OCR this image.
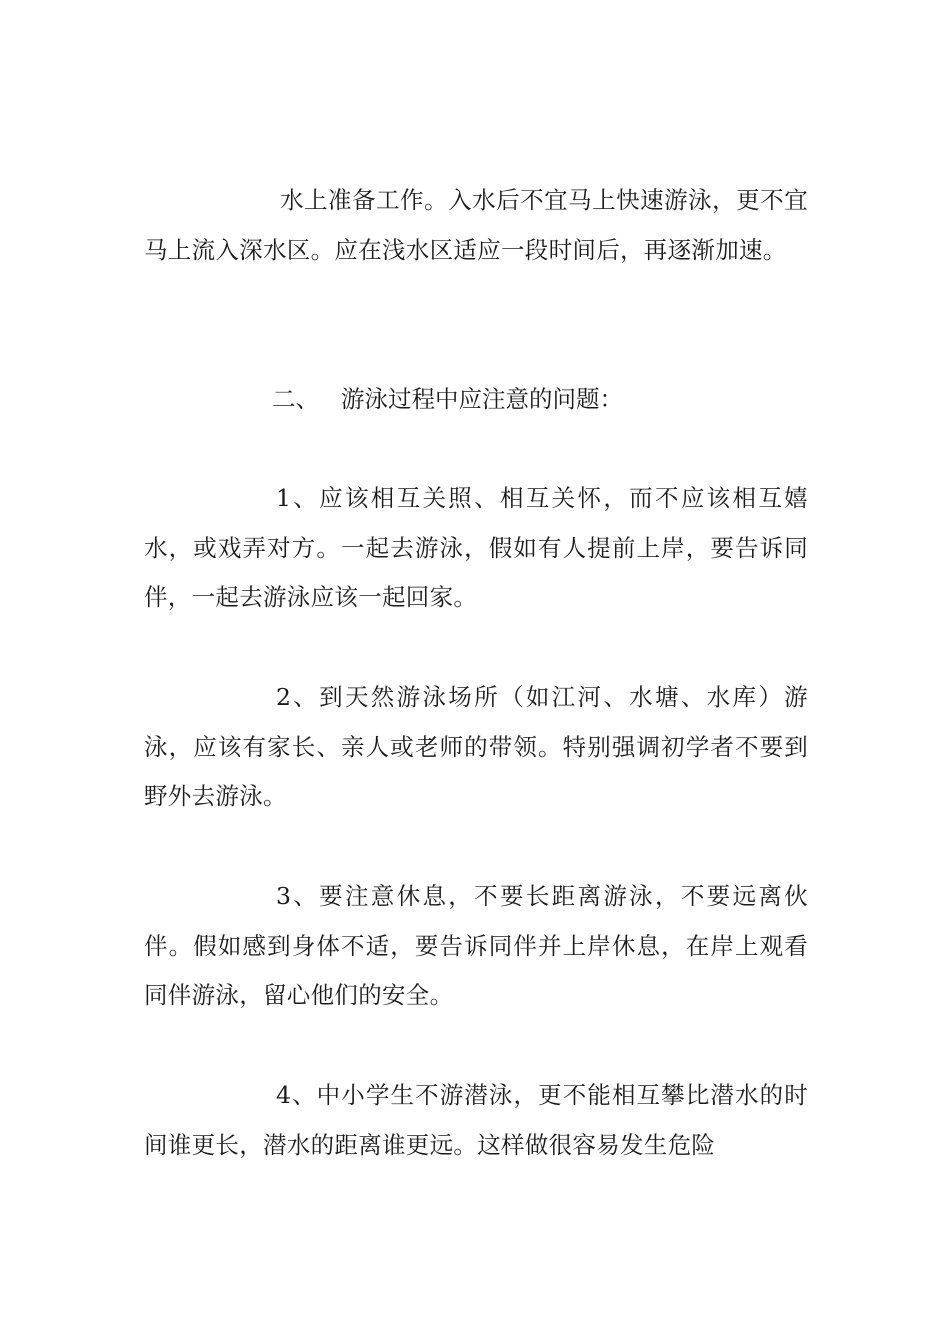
水上准备工作。入水后不宜马上快速游泳，更不宜马上流入深水区。应在浅水区适应一段时间后，再逐渐加速。

二、 游泳过程中应注意的问题：

1、应该相互关照、相互关怀，而不应该相互嬉水，或戏弄对方。一起去游泳，假如有人提前上岸，要告诉同伴，一起去游泳应该一起回家。

2、到天然游泳场所（如江河、水塘、水库）游泳，应该有家长、亲人或老师的带领。特别强调初学者不要到野外去游泳。

3、要注意休息，不要长距离游泳，不要远离伙伴。假如感到身体不适，要告诉同伴并上岸休息，在岸上观看同伴游泳，留心他们的安全。

4、中小学生不游潜泳，更不能相互攀比潜水的时间谁更长，潜水的距离谁更远。这样做很容易发生危险
